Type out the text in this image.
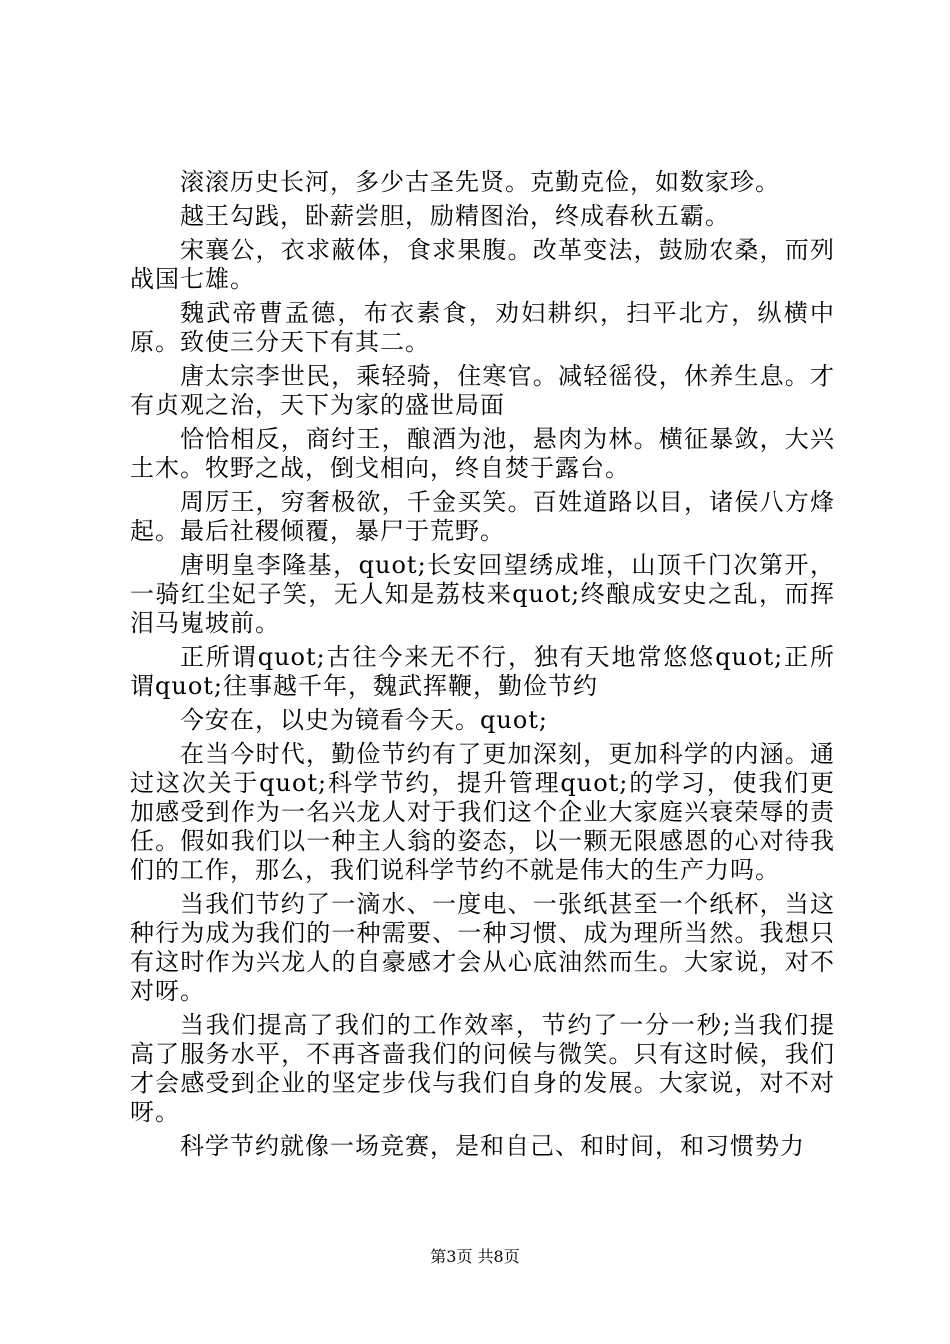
滚滚历史长河，多少古圣先贤。克勤克俭，如数家珍。

越王勾践，卧薪尝胆，励精图治，终成春秋五霸。

宋襄公，衣求蔽体，食求果腹。改革变法，鼓励农桑，而列战国七雄。

魏武帝曹孟德，布衣素食，劝妇耕织，扫平北方，纵横中原。致使三分天下有其二。

唐太宗李世民，乘轻骑，住寒官。减轻徭役，休养生息。才有贞观之治，天下为家的盛世局面

恰恰相反，商纣王，酿酒为池，悬肉为林。横征暴敛，大兴土木。牧野之战，倒戈相向，终自焚于露台。

周厉王，穷奢极欲，千金买笑。百姓道路以目，诸侯八方烽起。最后社稷倾覆，暴尸于荒野。

唐明皇李隆基，quot;长安回望绣成堆，山顶千门次第开，一骑红尘妃子笑，无人知是荔枝来quot;终酿成安史之乱，而挥泪马嵬坡前。

正所谓quot;古往今来无不行，独有天地常悠悠quot;正所谓quot;往事越千年，魏武挥鞭，勤俭节约

今安在，以史为镜看今天。quot;

在当今时代，勤俭节约有了更加深刻，更加科学的内涵。通过这次关于quot;科学节约，提升管理quot;的学习，使我们更加感受到作为一名兴龙人对于我们这个企业大家庭兴衰荣辱的责任。假如我们以一种主人翁的姿态，以一颗无限感恩的心对待我们的工作，那么，我们说科学节约不就是伟大的生产力吗。

当我们节约了一滴水、一度电、一张纸甚至一个纸杯，当这种行为成为我们的一种需要、一种习惯、成为理所当然。我想只有这时作为兴龙人的自豪感才会从心底油然而生。大家说，对不对呀。

当我们提高了我们的工作效率，节约了一分一秒;当我们提高了服务水平，不再吝啬我们的问候与微笑。只有这时候，我们才会感受到企业的坚定步伐与我们自身的发展。大家说，对不对呀。

科学节约就像一场竞赛，是和自己、和时间，和习惯势力

第3页 共8页
